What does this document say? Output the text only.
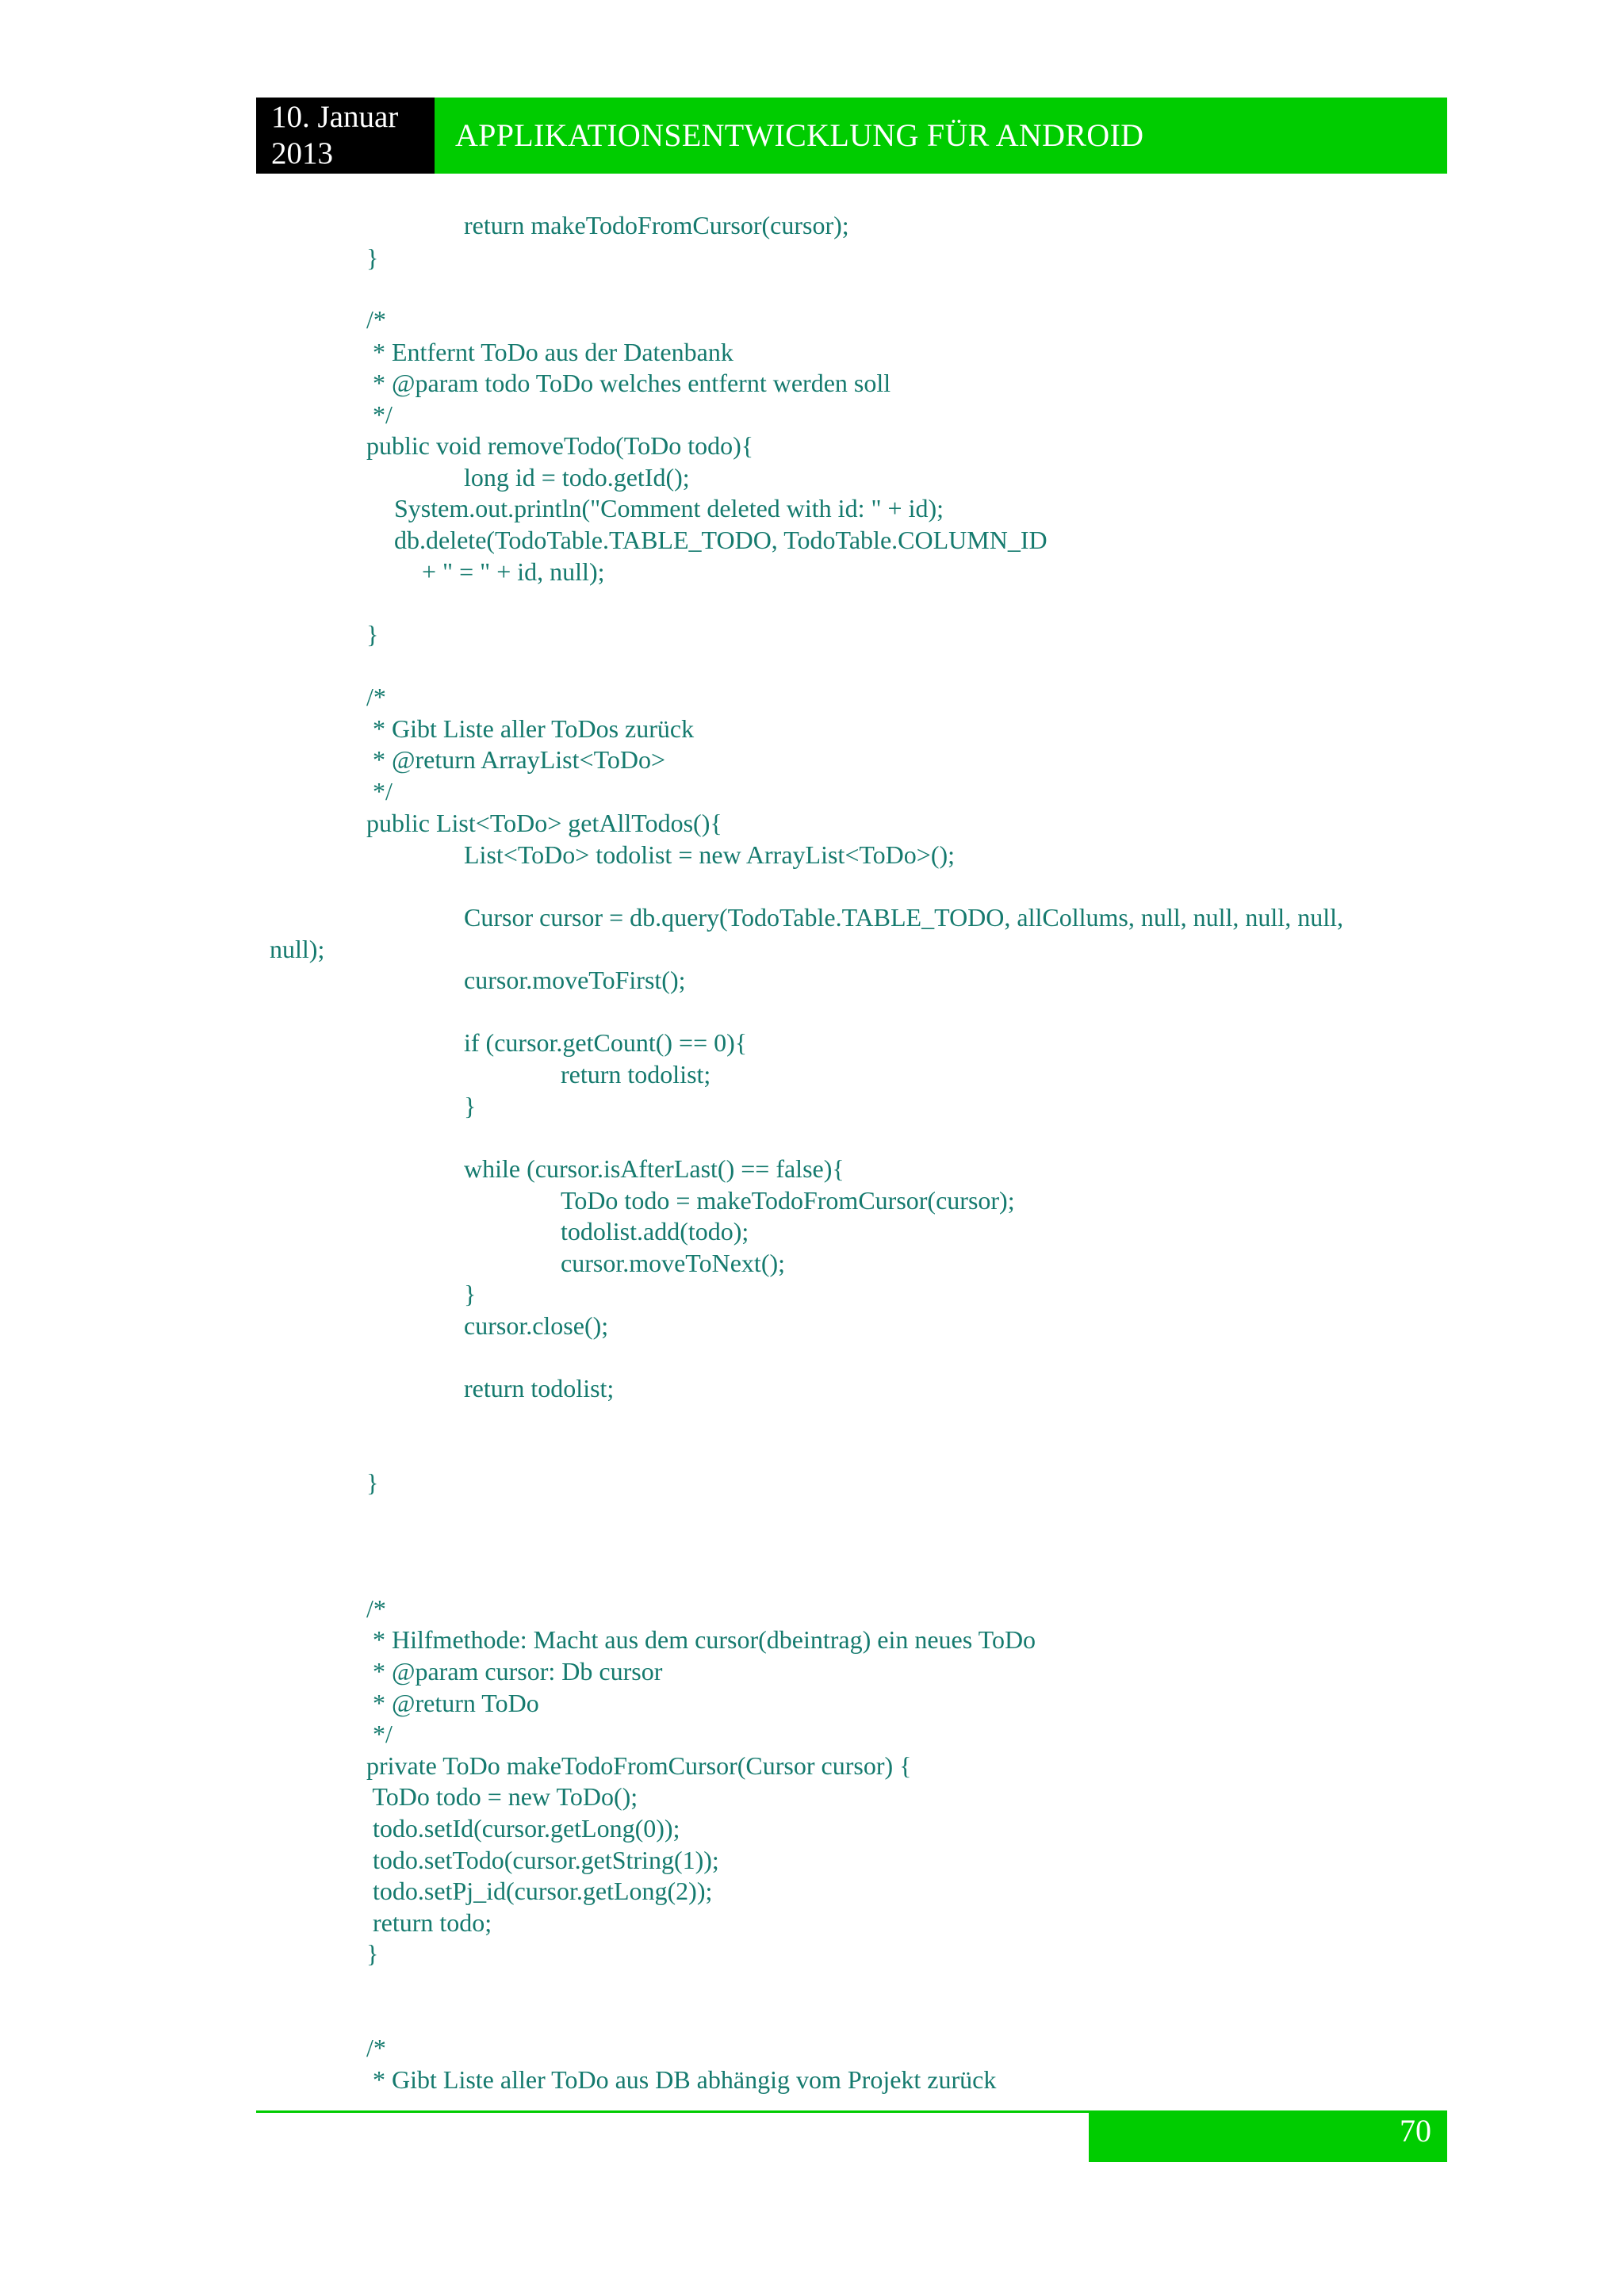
10. Januar 2013
APPLIKATIONSENTWICKLUNG FÜR ANDROID
return makeTodoFromCursor(cursor);
}
/*
* Entfernt ToDo aus der Datenbank
* @param todo ToDo welches entfernt werden soll
*/
public void removeTodo(ToDo todo){
long id = todo.getId();
System.out.println("Comment deleted with id: " + id);
db.delete(TodoTable.TABLE_TODO, TodoTable.COLUMN_ID
+ " = " + id, null);
}
/*
* Gibt Liste aller ToDos zurück
* @return ArrayList<ToDo>
*/
public List<ToDo> getAllTodos(){
List<ToDo> todolist = new ArrayList<ToDo>();
Cursor cursor = db.query(TodoTable.TABLE_TODO, allCollums, null, null, null, null,
null);
cursor.moveToFirst();
if (cursor.getCount() == 0){
return todolist;
}
while (cursor.isAfterLast() == false){
ToDo todo = makeTodoFromCursor(cursor);
todolist.add(todo);
cursor.moveToNext();
}
cursor.close();
return todolist;
}
/*
* Hilfmethode: Macht aus dem cursor(dbeintrag) ein neues ToDo
* @param cursor: Db cursor
* @return ToDo
*/
private ToDo makeTodoFromCursor(Cursor cursor) {
ToDo todo = new ToDo();
todo.setId(cursor.getLong(0));
todo.setTodo(cursor.getString(1));
todo.setPj_id(cursor.getLong(2));
return todo;
}
/*
* Gibt Liste aller ToDo aus DB abhängig vom Projekt zurück
70
